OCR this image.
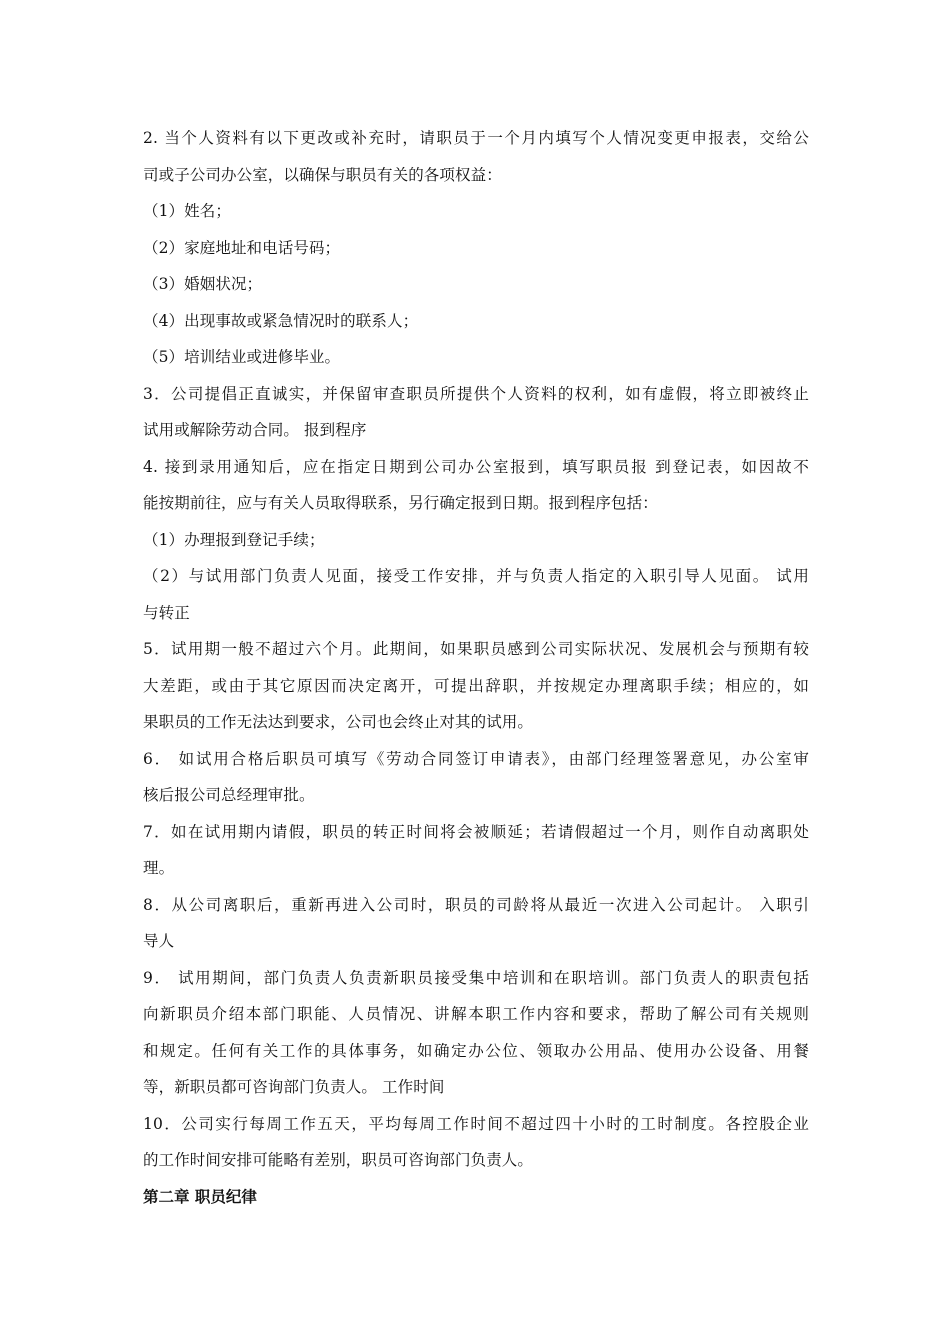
2. 当个人资料有以下更改或补充时，请职员于一个月内填写个人情况变更申报表，交给公

司或子公司办公室，以确保与职员有关的各项权益：

（1）姓名；

（2）家庭地址和电话号码；

（3）婚姻状况；

（4）出现事故或紧急情况时的联系人；

（5）培训结业或进修毕业。

3．公司提倡正直诚实，并保留审查职员所提供个人资料的权利，如有虚假，将立即被终止

试用或解除劳动合同。 报到程序

4. 接到录用通知后，应在指定日期到公司办公室报到，填写职员报 到登记表，如因故不

能按期前往，应与有关人员取得联系，另行确定报到日期。报到程序包括：

（1）办理报到登记手续；

（2）与试用部门负责人见面，接受工作安排，并与负责人指定的入职引导人见面。 试用

与转正

5．试用期一般不超过六个月。此期间，如果职员感到公司实际状况、发展机会与预期有较

大差距，或由于其它原因而决定离开，可提出辞职，并按规定办理离职手续；相应的，如

果职员的工作无法达到要求，公司也会终止对其的试用。

6． 如试用合格后职员可填写《劳动合同签订申请表》，由部门经理签署意见，办公室审

核后报公司总经理审批。

7．如在试用期内请假，职员的转正时间将会被顺延；若请假超过一个月，则作自动离职处

理。

8．从公司离职后，重新再进入公司时，职员的司龄将从最近一次进入公司起计。 入职引

导人

9． 试用期间，部门负责人负责新职员接受集中培训和在职培训。部门负责人的职责包括

向新职员介绍本部门职能、人员情况、讲解本职工作内容和要求，帮助了解公司有关规则

和规定。任何有关工作的具体事务，如确定办公位、领取办公用品、使用办公设备、用餐

等，新职员都可咨询部门负责人。 工作时间

10．公司实行每周工作五天，平均每周工作时间不超过四十小时的工时制度。各控股企业

的工作时间安排可能略有差别，职员可咨询部门负责人。

第二章 职员纪律
